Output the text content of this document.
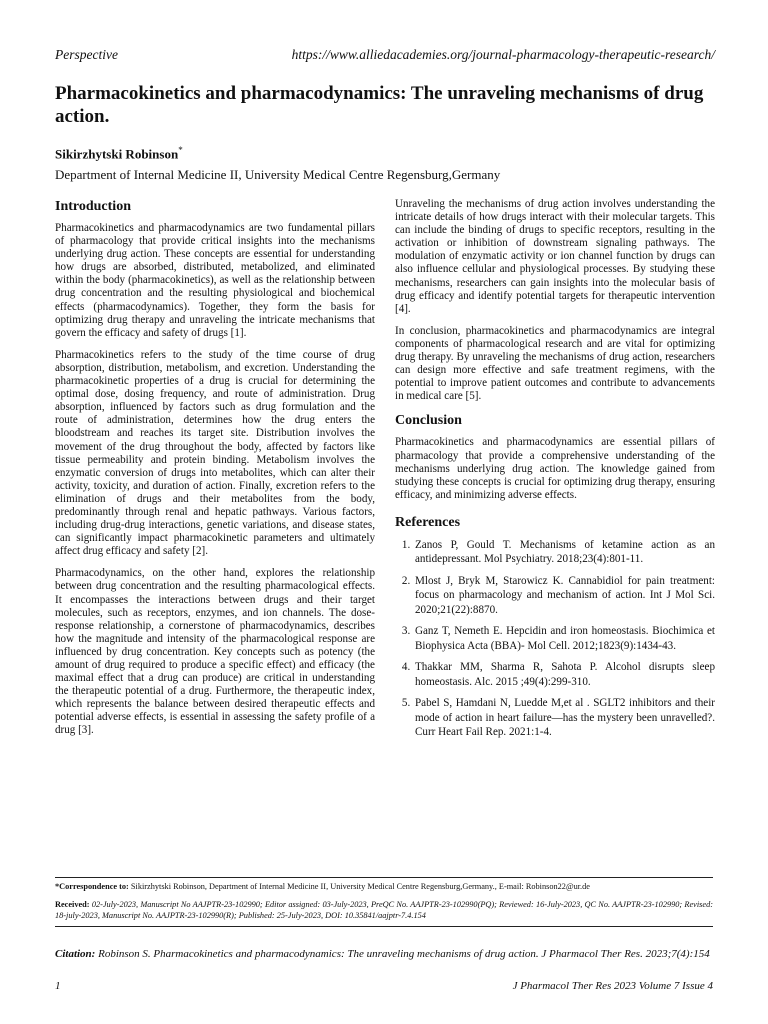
Perspective	https://www.alliedacademies.org/journal-pharmacology-therapeutic-research/
Pharmacokinetics and pharmacodynamics: The unraveling mechanisms of drug action.
Sikirzhytski Robinson*
Department of Internal Medicine II, University Medical Centre Regensburg,Germany
Introduction

Pharmacokinetics and pharmacodynamics are two fundamental pillars of pharmacology that provide critical insights into the mechanisms underlying drug action. These concepts are essential for understanding how drugs are absorbed, distributed, metabolized, and eliminated within the body (pharmacokinetics), as well as the relationship between drug concentration and the resulting physiological and biochemical effects (pharmacodynamics). Together, they form the basis for optimizing drug therapy and unraveling the intricate mechanisms that govern the efficacy and safety of drugs [1].

Pharmacokinetics refers to the study of the time course of drug absorption, distribution, metabolism, and excretion. Understanding the pharmacokinetic properties of a drug is crucial for determining the optimal dose, dosing frequency, and route of administration. Drug absorption, influenced by factors such as drug formulation and the route of administration, determines how the drug enters the bloodstream and reaches its target site. Distribution involves the movement of the drug throughout the body, affected by factors like tissue permeability and protein binding. Metabolism involves the enzymatic conversion of drugs into metabolites, which can alter their activity, toxicity, and duration of action. Finally, excretion refers to the elimination of drugs and their metabolites from the body, predominantly through renal and hepatic pathways. Various factors, including drug-drug interactions, genetic variations, and disease states, can significantly impact pharmacokinetic parameters and ultimately affect drug efficacy and safety [2].

Pharmacodynamics, on the other hand, explores the relationship between drug concentration and the resulting pharmacological effects. It encompasses the interactions between drugs and their target molecules, such as receptors, enzymes, and ion channels. The dose-response relationship, a cornerstone of pharmacodynamics, describes how the magnitude and intensity of the pharmacological response are influenced by drug concentration. Key concepts such as potency (the amount of drug required to produce a specific effect) and efficacy (the maximal effect that a drug can produce) are critical in understanding the therapeutic potential of a drug. Furthermore, the therapeutic index, which represents the balance between desired therapeutic effects and potential adverse effects, is essential in assessing the safety profile of a drug [3].

Unraveling the mechanisms of drug action involves understanding the intricate details of how drugs interact with their molecular targets. This can include the binding of drugs to specific receptors, resulting in the activation or inhibition of downstream signaling pathways. The modulation of enzymatic activity or ion channel function by drugs can also influence cellular and physiological processes. By studying these mechanisms, researchers can gain insights into the molecular basis of drug efficacy and identify potential targets for therapeutic intervention [4].

In conclusion, pharmacokinetics and pharmacodynamics are integral components of pharmacological research and are vital for optimizing drug therapy. By unraveling the mechanisms of drug action, researchers can design more effective and safe treatment regimens, with the potential to improve patient outcomes and contribute to advancements in medical care [5].

Conclusion

Pharmacokinetics and pharmacodynamics are essential pillars of pharmacology that provide a comprehensive understanding of the mechanisms underlying drug action. The knowledge gained from studying these concepts is crucial for optimizing drug therapy, ensuring efficacy, and minimizing adverse effects.

References
1. Zanos P, Gould T. Mechanisms of ketamine action as an antidepressant. Mol Psychiatry. 2018;23(4):801-11.
2. Mlost J, Bryk M, Starowicz K. Cannabidiol for pain treatment: focus on pharmacology and mechanism of action. Int J Mol Sci. 2020;21(22):8870.
3. Ganz T, Nemeth E. Hepcidin and iron homeostasis. Biochimica et Biophysica Acta (BBA)- Mol Cell. 2012;1823(9):1434-43.
4. Thakkar MM, Sharma R, Sahota P. Alcohol disrupts sleep homeostasis. Alc. 2015 ;49(4):299-310.
5. Pabel S, Hamdani N, Luedde M,et al . SGLT2 inhibitors and their mode of action in heart failure—has the mystery been unravelled?. Curr Heart Fail Rep. 2021:1-4.
*Correspondence to: Sikirzhytski Robinson, Department of Internal Medicine II, University Medical Centre Regensburg,Germany., E-mail: Robinson22@ur.de
Received: 02-July-2023, Manuscript No AAJPTR-23-102990; Editor assigned: 03-July-2023, PreQC No. AAJPTR-23-102990(PQ); Reviewed: 16-July-2023, QC No. AAJPTR-23-102990; Revised: 18-july-2023, Manuscript No. AAJPTR-23-102990(R); Published: 25-July-2023, DOI: 10.35841/aajptr-7.4.154
Citation: Robinson S. Pharmacokinetics and pharmacodynamics: The unraveling mechanisms of drug action. J Pharmacol Ther Res. 2023;7(4):154
1	J Pharmacol Ther Res 2023 Volume 7 Issue 4
